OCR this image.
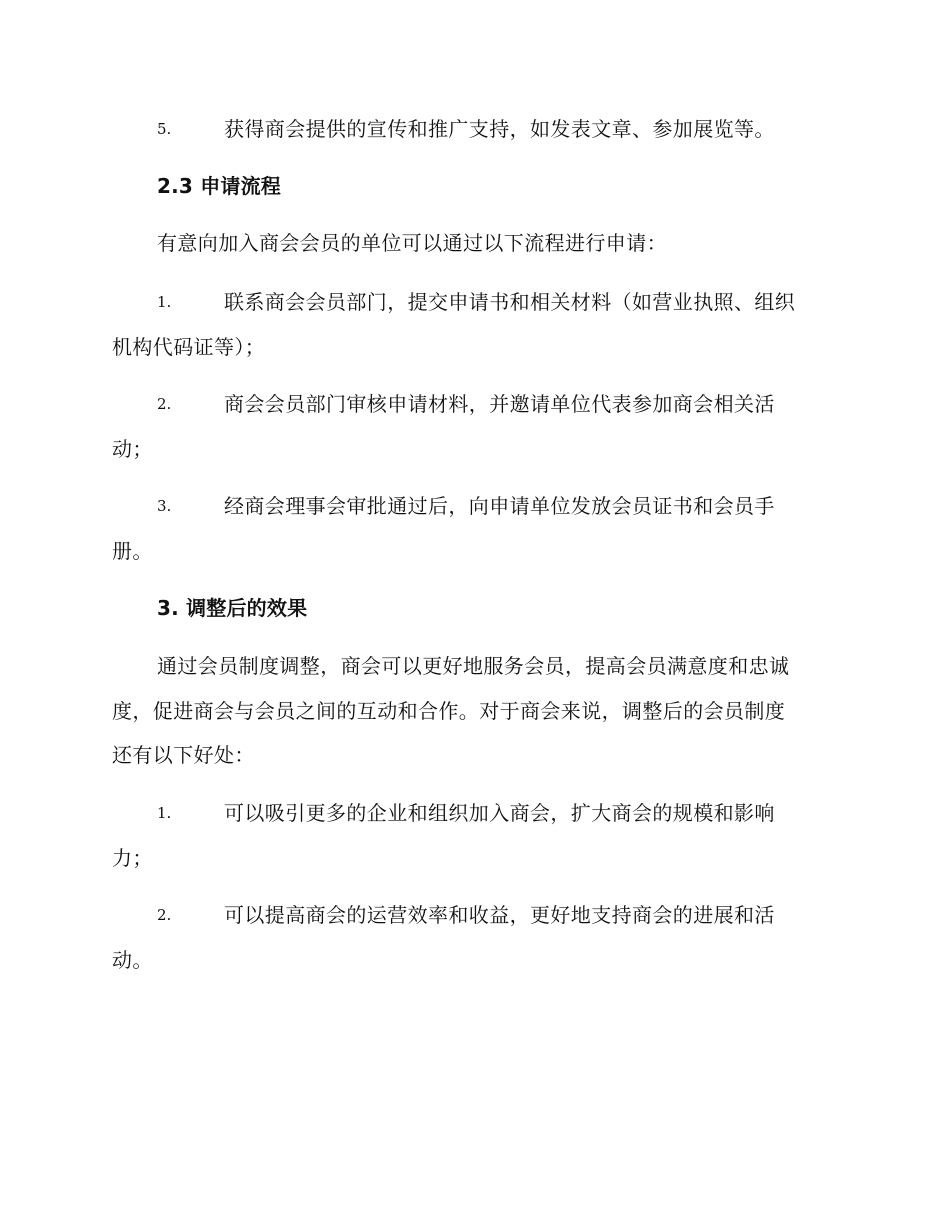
5.	获得商会提供的宣传和推广支持，如发表文章、参加展览等。
2.3 申请流程
有意向加入商会会员的单位可以通过以下流程进行申请：
1.	联系商会会员部门，提交申请书和相关材料（如营业执照、组织
机构代码证等）；
2.	商会会员部门审核申请材料，并邀请单位代表参加商会相关活
动；
3.	经商会理事会审批通过后，向申请单位发放会员证书和会员手
册。
3. 调整后的效果
通过会员制度调整，商会可以更好地服务会员，提高会员满意度和忠诚
度，促进商会与会员之间的互动和合作。对于商会来说，调整后的会员制度
还有以下好处：
1.	可以吸引更多的企业和组织加入商会，扩大商会的规模和影响
力；
2.	可以提高商会的运营效率和收益，更好地支持商会的进展和活
动。
